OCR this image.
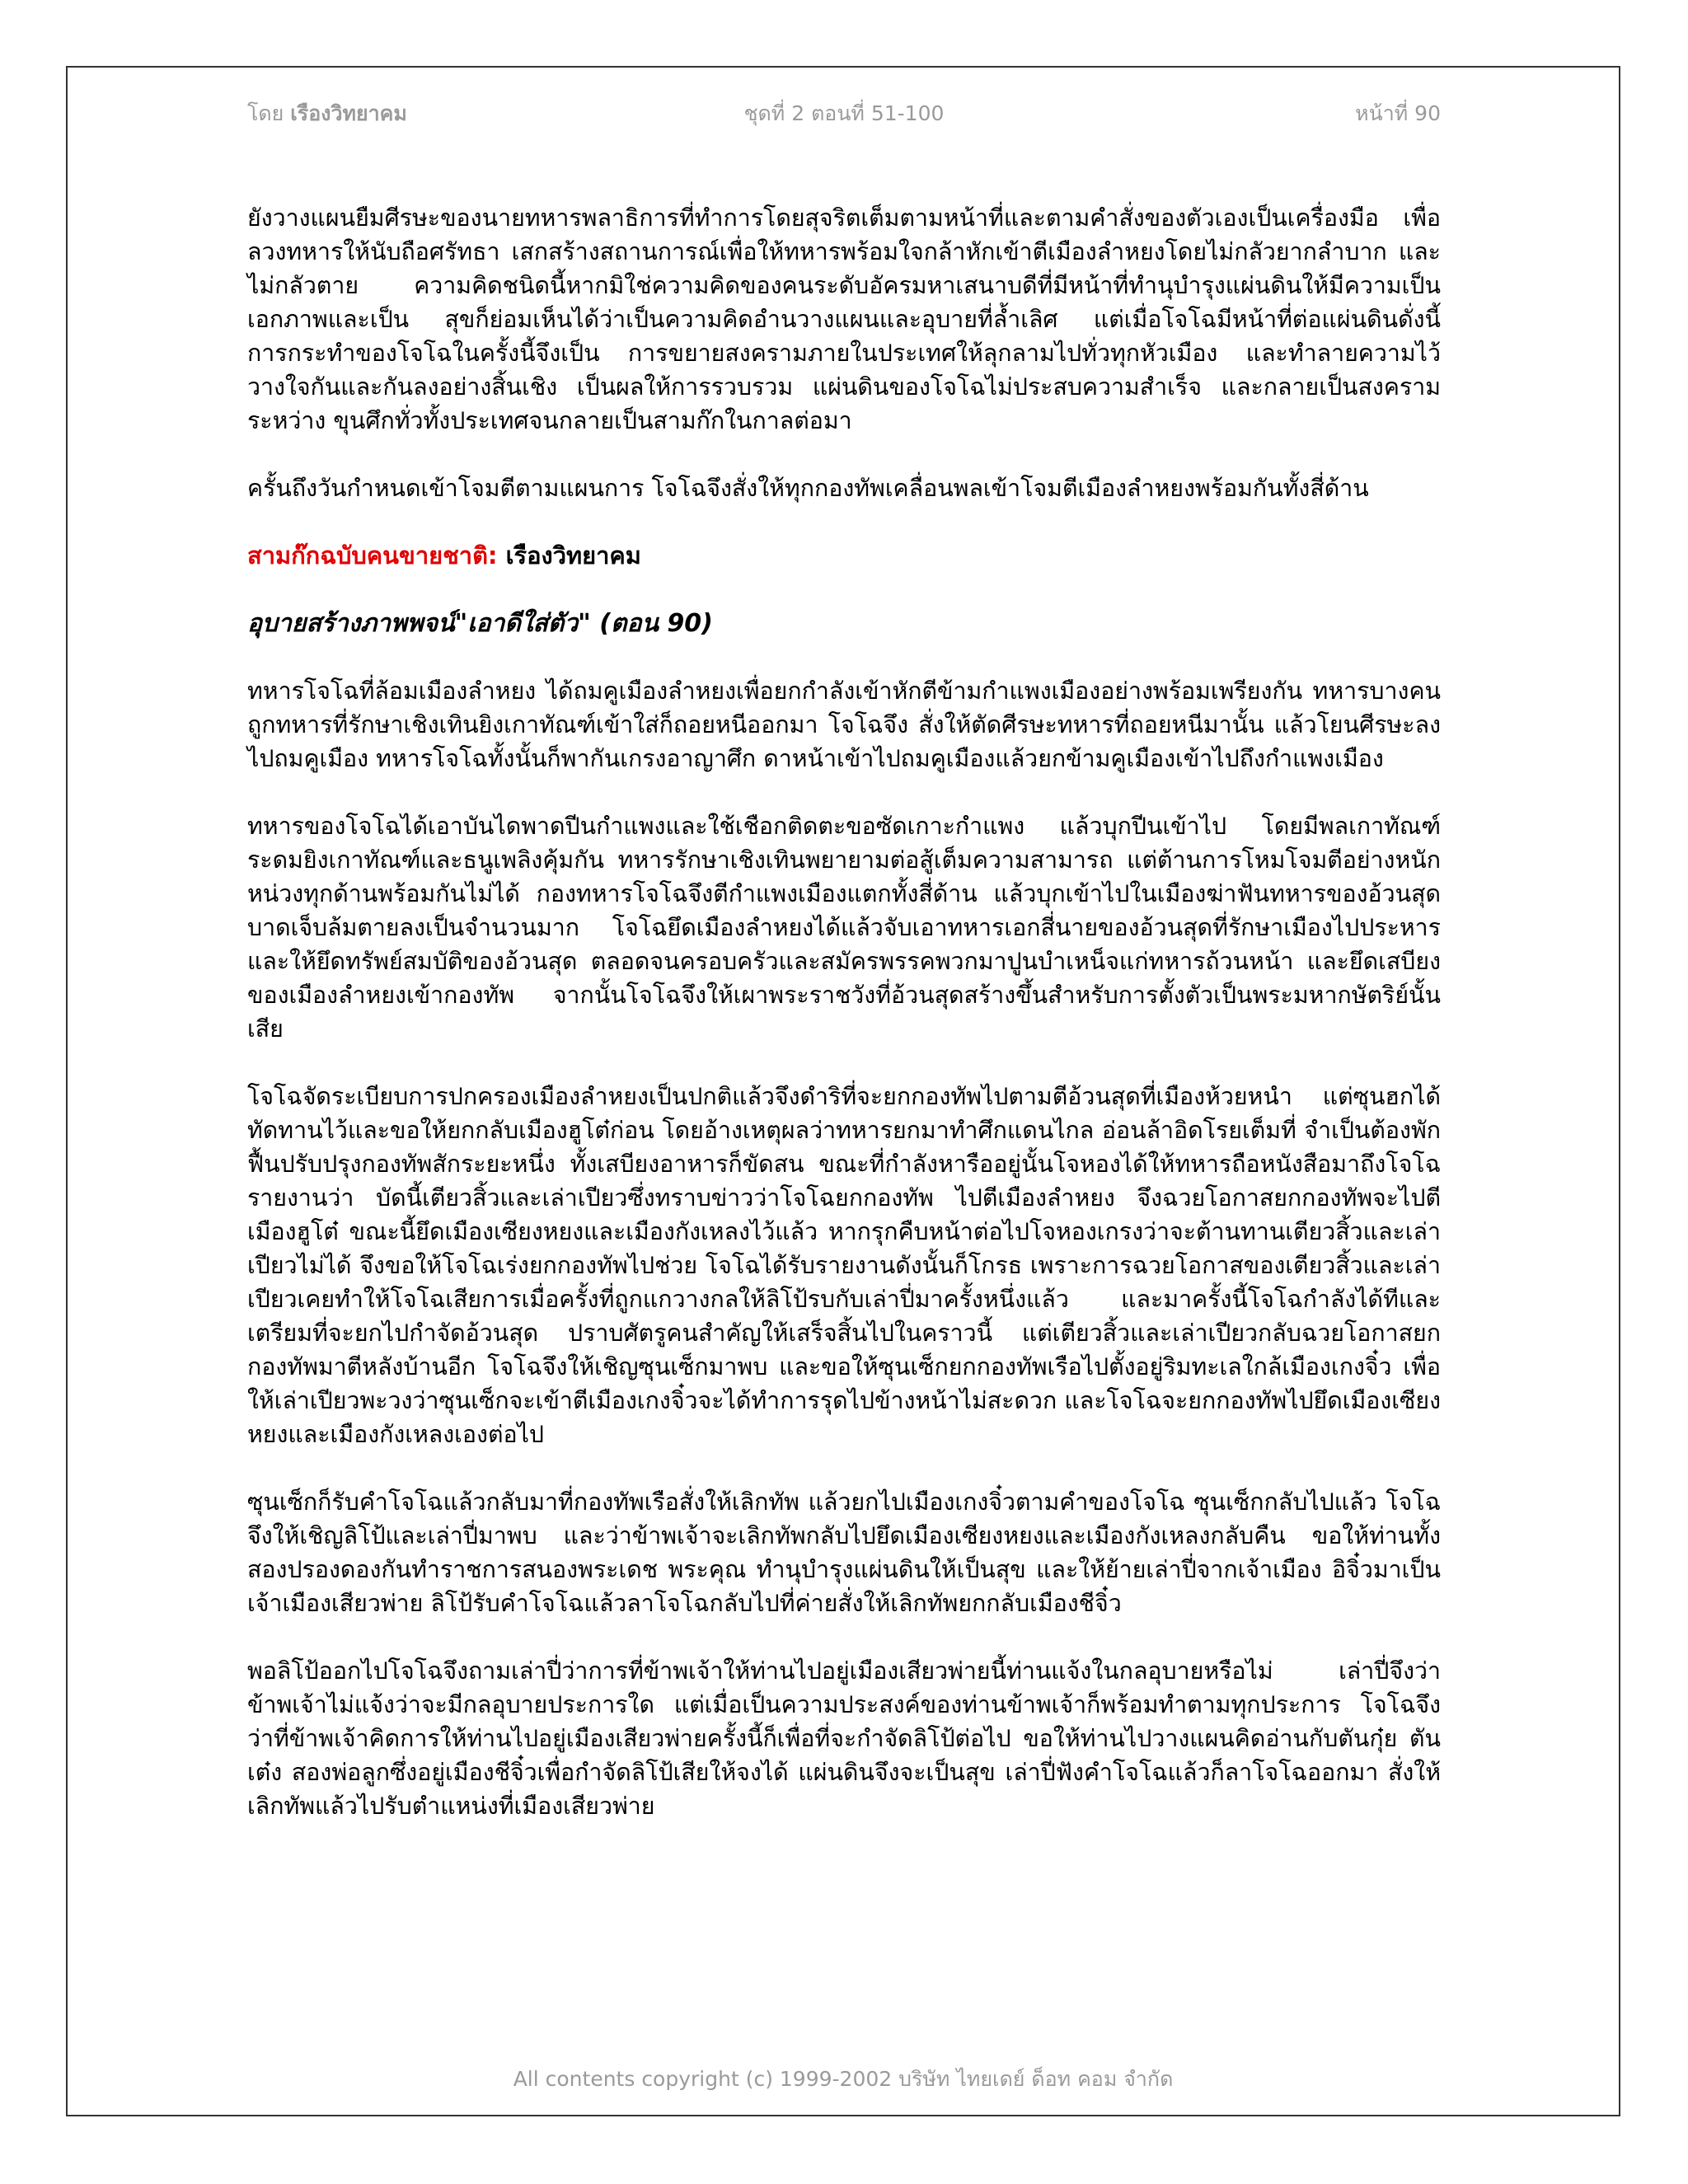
โดย เรืองวิทยาคม	ชุดที่ 2 ตอนที่ 51-100	หน้าที่ 90

ยังวางแผนยืมศีรษะของนายทหารพลาธิการที่ทำการโดยสุจริตเต็มตามหน้าที่และตามคำสั่งของตัวเองเป็นเครื่องมือ เพื่อลวงทหารให้นับถือศรัทธา เสกสร้างสถานการณ์เพื่อให้ทหารพร้อมใจกล้าหักเข้าตีเมืองลำหยงโดยไม่กลัวยากลำบาก และไม่กลัวตาย ความคิดชนิดนี้หากมิใช่ความคิดของคนระดับอัครมหาเสนาบดีที่มีหน้าที่ทำนุบำรุงแผ่นดินให้มีความเป็นเอกภาพและเป็น สุขก็ย่อมเห็นได้ว่าเป็นความคิดอำนวางแผนและอุบายที่ล้ำเลิศ แต่เมื่อโจโฉมีหน้าที่ต่อแผ่นดินดั่งนี้ การกระทำของโจโฉในครั้งนี้จึงเป็น การขยายสงครามภายในประเทศให้ลุกลามไปทั่วทุกหัวเมือง และทำลายความไว้วางใจกันและกันลงอย่างสิ้นเชิง เป็นผลให้การรวบรวม แผ่นดินของโจโฉไม่ประสบความสำเร็จ และกลายเป็นสงครามระหว่าง ขุนศึกทั่วทั้งประเทศจนกลายเป็นสามก๊กในกาลต่อมา

ครั้นถึงวันกำหนดเข้าโจมตีตามแผนการ โจโฉจึงสั่งให้ทุกกองทัพเคลื่อนพลเข้าโจมตีเมืองลำหยงพร้อมกันทั้งสี่ด้าน

สามก๊กฉบับคนขายชาติ: เรืองวิทยาคม
อุบายสร้างภาพพจน์"เอาดีใส่ตัว" (ตอน 90)

ทหารโจโฉที่ล้อมเมืองลำหยง ได้ถมคูเมืองลำหยงเพื่อยกกำลังเข้าหักตีข้ามกำแพงเมืองอย่างพร้อมเพรียงกัน ทหารบางคนถูกทหารที่รักษาเชิงเทินยิงเกาทัณฑ์เข้าใส่ก็ถอยหนีออกมา โจโฉจึง สั่งให้ตัดศีรษะทหารที่ถอยหนีมานั้น แล้วโยนศีรษะลงไปถมคูเมือง ทหารโจโฉทั้งนั้นก็พากันเกรงอาญาศึก ดาหน้าเข้าไปถมคูเมืองแล้วยกข้ามคูเมืองเข้าไปถึงกำแพงเมือง

ทหารของโจโฉได้เอาบันไดพาดปีนกำแพงและใช้เชือกติดตะขอซัดเกาะกำแพง แล้วบุกปีนเข้าไป โดยมีพลเกาทัณฑ์ระดมยิงเกาทัณฑ์และธนูเพลิงคุ้มกัน ทหารรักษาเชิงเทินพยายามต่อสู้เต็มความสามารถ แต่ต้านการโหมโจมตีอย่างหนักหน่วงทุกด้านพร้อมกันไม่ได้ กองทหารโจโฉจึงตีกำแพงเมืองแตกทั้งสี่ด้าน แล้วบุกเข้าไปในเมืองฆ่าฟันทหารของอ้วนสุดบาดเจ็บล้มตายลงเป็นจำนวนมาก โจโฉยึดเมืองลำหยงได้แล้วจับเอาทหารเอกสี่นายของอ้วนสุดที่รักษาเมืองไปประหาร และให้ยึดทรัพย์สมบัติของอ้วนสุด ตลอดจนครอบครัวและสมัครพรรคพวกมาปูนบำเหน็จแก่ทหารถ้วนหน้า และยึดเสบียงของเมืองลำหยงเข้ากองทัพ จากนั้นโจโฉจึงให้เผาพระราชวังที่อ้วนสุดสร้างขึ้นสำหรับการตั้งตัวเป็นพระมหากษัตริย์นั้นเสีย

โจโฉจัดระเบียบการปกครองเมืองลำหยงเป็นปกติแล้วจึงดำริที่จะยกกองทัพไปตามตีอ้วนสุดที่เมืองห้วยหนำ แต่ซุนฮกได้ทัดทานไว้และขอให้ยกกลับเมืองฮูโต๋ก่อน โดยอ้างเหตุผลว่าทหารยกมาทำศึกแดนไกล อ่อนล้าอิดโรยเต็มที่ จำเป็นต้องพักฟื้นปรับปรุงกองทัพสักระยะหนึ่ง ทั้งเสบียงอาหารก็ขัดสน ขณะที่กำลังหารืออยู่นั้นโจหองได้ให้ทหารถือหนังสือมาถึงโจโฉรายงานว่า บัดนี้เตียวสิ้วและเล่าเปียวซึ่งทราบข่าวว่าโจโฉยกกองทัพ ไปตีเมืองลำหยง จึงฉวยโอกาสยกกองทัพจะไปตีเมืองฮูโต๋ ขณะนี้ยึดเมืองเซียงหยงและเมืองกังเหลงไว้แล้ว หากรุกคืบหน้าต่อไปโจหองเกรงว่าจะต้านทานเตียวสิ้วและเล่าเปียวไม่ได้ จึงขอให้โจโฉเร่งยกกองทัพไปช่วย โจโฉได้รับรายงานดังนั้นก็โกรธ เพราะการฉวยโอกาสของเตียวสิ้วและเล่าเปียวเคยทำให้โจโฉเสียการเมื่อครั้งที่ถูกแกวางกลให้ลิโป้รบกับเล่าปี่มาครั้งหนึ่งแล้ว และมาครั้งนี้โจโฉกำลังได้ทีและเตรียมที่จะยกไปกำจัดอ้วนสุด ปราบศัตรูคนสำคัญให้เสร็จสิ้นไปในคราวนี้ แต่เตียวสิ้วและเล่าเปียวกลับฉวยโอกาสยกกองทัพมาตีหลังบ้านอีก โจโฉจึงให้เชิญซุนเซ็กมาพบ และขอให้ซุนเซ็กยกกองทัพเรือไปตั้งอยู่ริมทะเลใกล้เมืองเกงจิ๋ว เพื่อให้เล่าเปียวพะวงว่าซุนเซ็กจะเข้าตีเมืองเกงจิ๋วจะได้ทำการรุดไปข้างหน้าไม่สะดวก และโจโฉจะยกกองทัพไปยึดเมืองเซียงหยงและเมืองกังเหลงเองต่อไป

ซุนเซ็กก็รับคำโจโฉแล้วกลับมาที่กองทัพเรือสั่งให้เลิกทัพ แล้วยกไปเมืองเกงจิ๋วตามคำของโจโฉ ซุนเซ็กกลับไปแล้ว โจโฉจึงให้เชิญลิโป้และเล่าปี่มาพบ และว่าข้าพเจ้าจะเลิกทัพกลับไปยึดเมืองเซียงหยงและเมืองกังเหลงกลับคืน ขอให้ท่านทั้งสองปรองดองกันทำราชการสนองพระเดช พระคุณ ทำนุบำรุงแผ่นดินให้เป็นสุข และให้ย้ายเล่าปี่จากเจ้าเมือง อิจิ๋วมาเป็นเจ้าเมืองเสียวพ่าย ลิโป้รับคำโจโฉแล้วลาโจโฉกลับไปที่ค่ายสั่งให้เลิกทัพยกกลับเมืองชีจิ๋ว

พอลิโป้ออกไปโจโฉจึงถามเล่าปี่ว่าการที่ข้าพเจ้าให้ท่านไปอยู่เมืองเสียวพ่ายนี้ท่านแจ้งในกลอุบายหรือไม่ เล่าปี่จึงว่าข้าพเจ้าไม่แจ้งว่าจะมีกลอุบายประการใด แต่เมื่อเป็นความประสงค์ของท่านข้าพเจ้าก็พร้อมทำตามทุกประการ โจโฉจึงว่าที่ข้าพเจ้าคิดการให้ท่านไปอยู่เมืองเสียวพ่ายครั้งนี้ก็เพื่อที่จะกำจัดลิโป้ต่อไป ขอให้ท่านไปวางแผนคิดอ่านกับตันกุ๋ย ตันเต๋ง สองพ่อลูกซึ่งอยู่เมืองชีจิ๋วเพื่อกำจัดลิโป้เสียให้จงได้ แผ่นดินจึงจะเป็นสุข เล่าปี่ฟังคำโจโฉแล้วก็ลาโจโฉออกมา สั่งให้เลิกทัพแล้วไปรับตำแหน่งที่เมืองเสียวพ่าย

All contents copyright (c) 1999-2002 บริษัท ไทยเดย์ ด็อท คอม จำกัด
